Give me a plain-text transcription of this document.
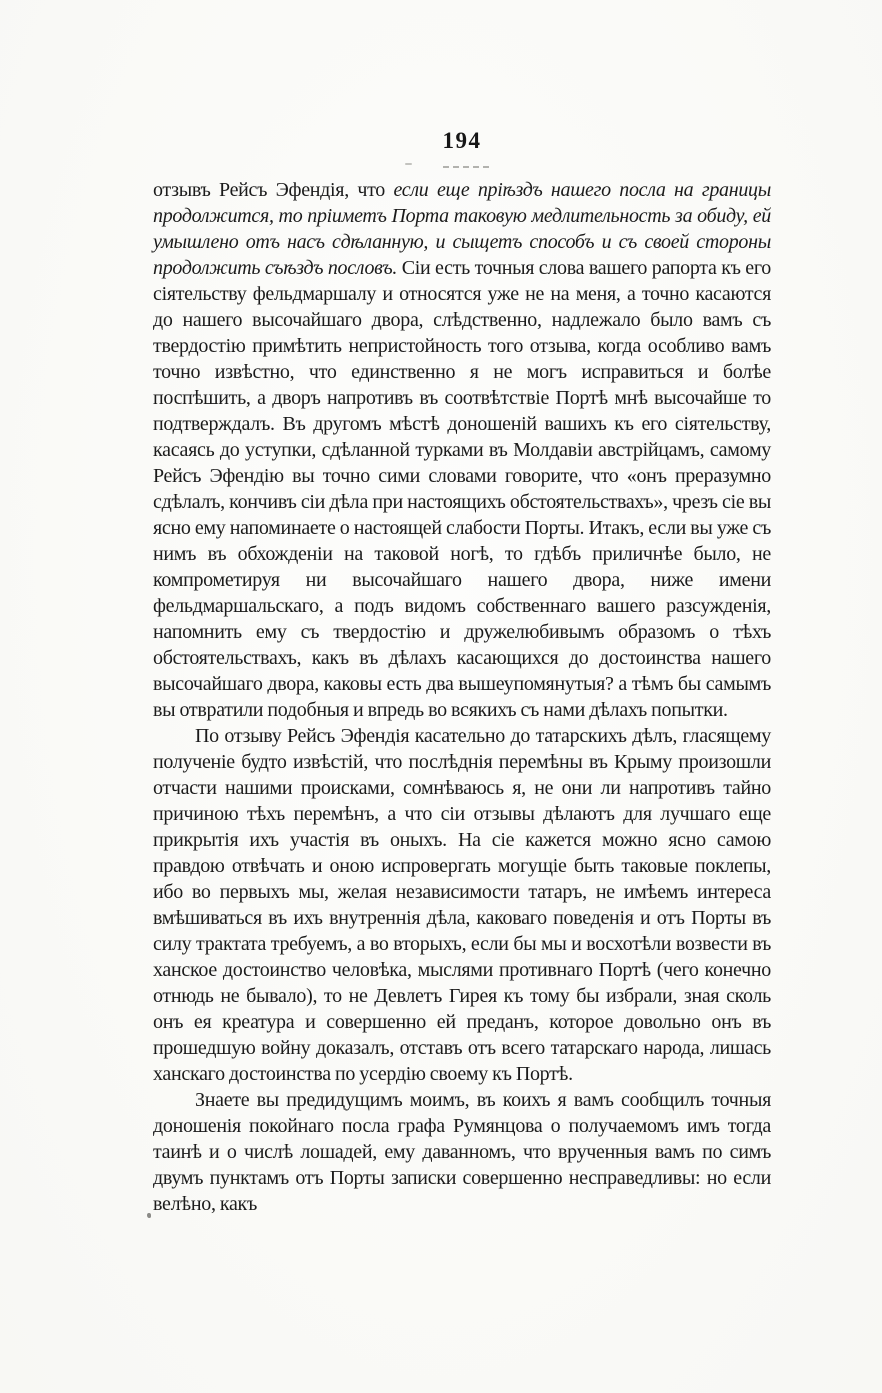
194

отзывъ Рейсъ Эфендія, что если еще пріѣздъ нашего посла на границы продолжится, то пріиметъ Порта таковую медлительность за обиду, ей умышлено отъ насъ сдѣланную, и сыщетъ способъ и съ своей стороны продолжить съѣздъ пословъ. Сіи есть точныя слова вашего рапорта къ его сіятельству фельдмаршалу и относятся уже не на меня, а точно касаются до нашего высочайшаго двора, слѣдственно, надлежало было вамъ съ твердостію примѣтить непристойность того отзыва, когда особливо вамъ точно извѣстно, что единственно я не могъ исправиться и болѣе поспѣшить, а дворъ напротивъ въ соотвѣтствіе Портѣ мнѣ высочайше то подтверждалъ. Въ другомъ мѣстѣ доношеній вашихъ къ его сіятельству, касаясь до уступки, сдѣланной турками въ Молдавіи австрійцамъ, самому Рейсъ Эфендію вы точно сими словами говорите, что «онъ преразумно сдѣлалъ, кончивъ сіи дѣла при настоящихъ обстоятельствахъ», чрезъ сіе вы ясно ему напоминаете о настоящей слабости Порты. Итакъ, если вы уже съ нимъ въ обхожденіи на таковой ногѣ, то гдѣбъ приличнѣе было, не компрометируя ни высочайшаго нашего двора, ниже имени фельдмаршальскаго, а подъ видомъ собственнаго вашего разсужденія, напомнить ему съ твердостію и дружелюбивымъ образомъ о тѣхъ обстоятельствахъ, какъ въ дѣлахъ касающихся до достоинства нашего высочайшаго двора, каковы есть два вышеупомянутыя? а тѣмъ бы самымъ вы отвратили подобныя и впредь во всякихъ съ нами дѣлахъ попытки.

По отзыву Рейсъ Эфендія касательно до татарскихъ дѣлъ, гласящему полученіе будто извѣстій, что послѣднія перемѣны въ Крыму произошли отчасти нашими происками, сомнѣваюсь я, не они ли напротивъ тайно причиною тѣхъ перемѣнъ, а что сіи отзывы дѣлаютъ для лучшаго еще прикрытія ихъ участія въ оныхъ. На сіе кажется можно ясно самою правдою отвѣчать и оною испровергать могущіе быть таковые поклепы, ибо во первыхъ мы, желая независимости татаръ, не имѣемъ интереса вмѣшиваться въ ихъ внутреннія дѣла, каковаго поведенія и отъ Порты въ силу трактата требуемъ, а во вторыхъ, если бы мы и восхотѣли возвести въ ханское достоинство человѣка, мыслями противнаго Портѣ (чего конечно отнюдь не бывало), то не Девлетъ Гирея къ тому бы избрали, зная сколь онъ ея креатура и совершенно ей преданъ, которое довольно онъ въ прошедшую войну доказалъ, отставъ отъ всего татарскаго народа, лишась ханскаго достоинства по усердію своему къ Портѣ.

Знаете вы предидущимъ моимъ, въ коихъ я вамъ сообщилъ точныя доношенія покойнаго посла графа Румянцова о получаемомъ имъ тогда таинѣ и о числѣ лошадей, ему даванномъ, что врученныя вамъ по симъ двумъ пунктамъ отъ Порты записки совершенно несправедливы: но если велѣно, какъ
